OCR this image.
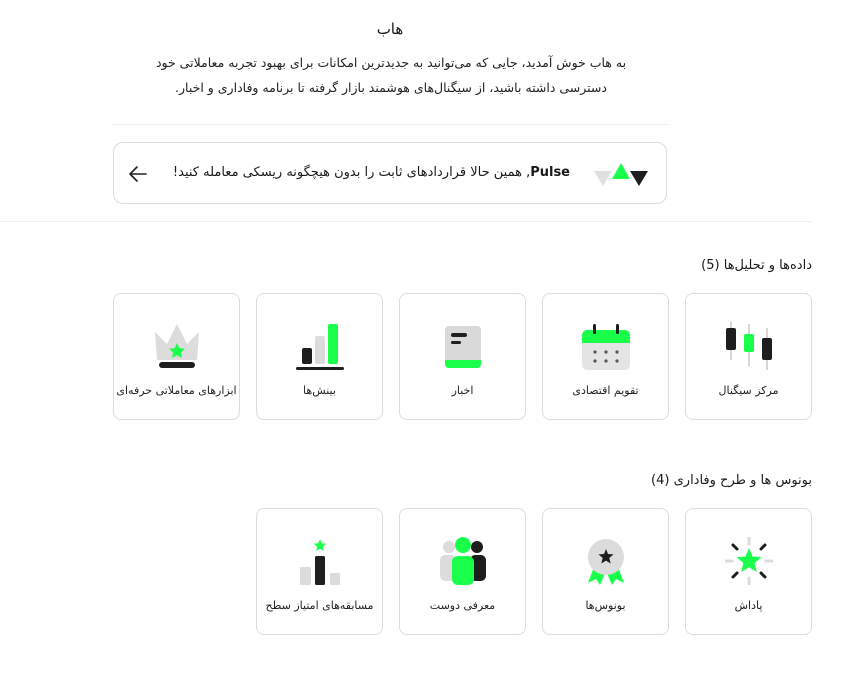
هاب
به هاب خوش آمدید، جایی که می‌توانید به جدیدترین امکانات برای بهبود تجربه معاملاتی خود
دسترسی داشته باشید، از سیگنال‌های هوشمند بازار گرفته تا برنامه وفاداری و اخبار.
Pulse, همین حالا قراردادهای ثابت را بدون هیچگونه ریسکی معامله کنید!
داده‌ها و تحلیل‌ها (5)
مرکز سیگنال
تقویم اقتصادی
اخبار
بینش‌ها
ابزارهای معاملاتی حرفه‌ای
بونوس ها و طرح وفاداری (4)
پاداش
بونوس‌ها
معرفی دوست
مسابقه‌های امتیاز سطح
